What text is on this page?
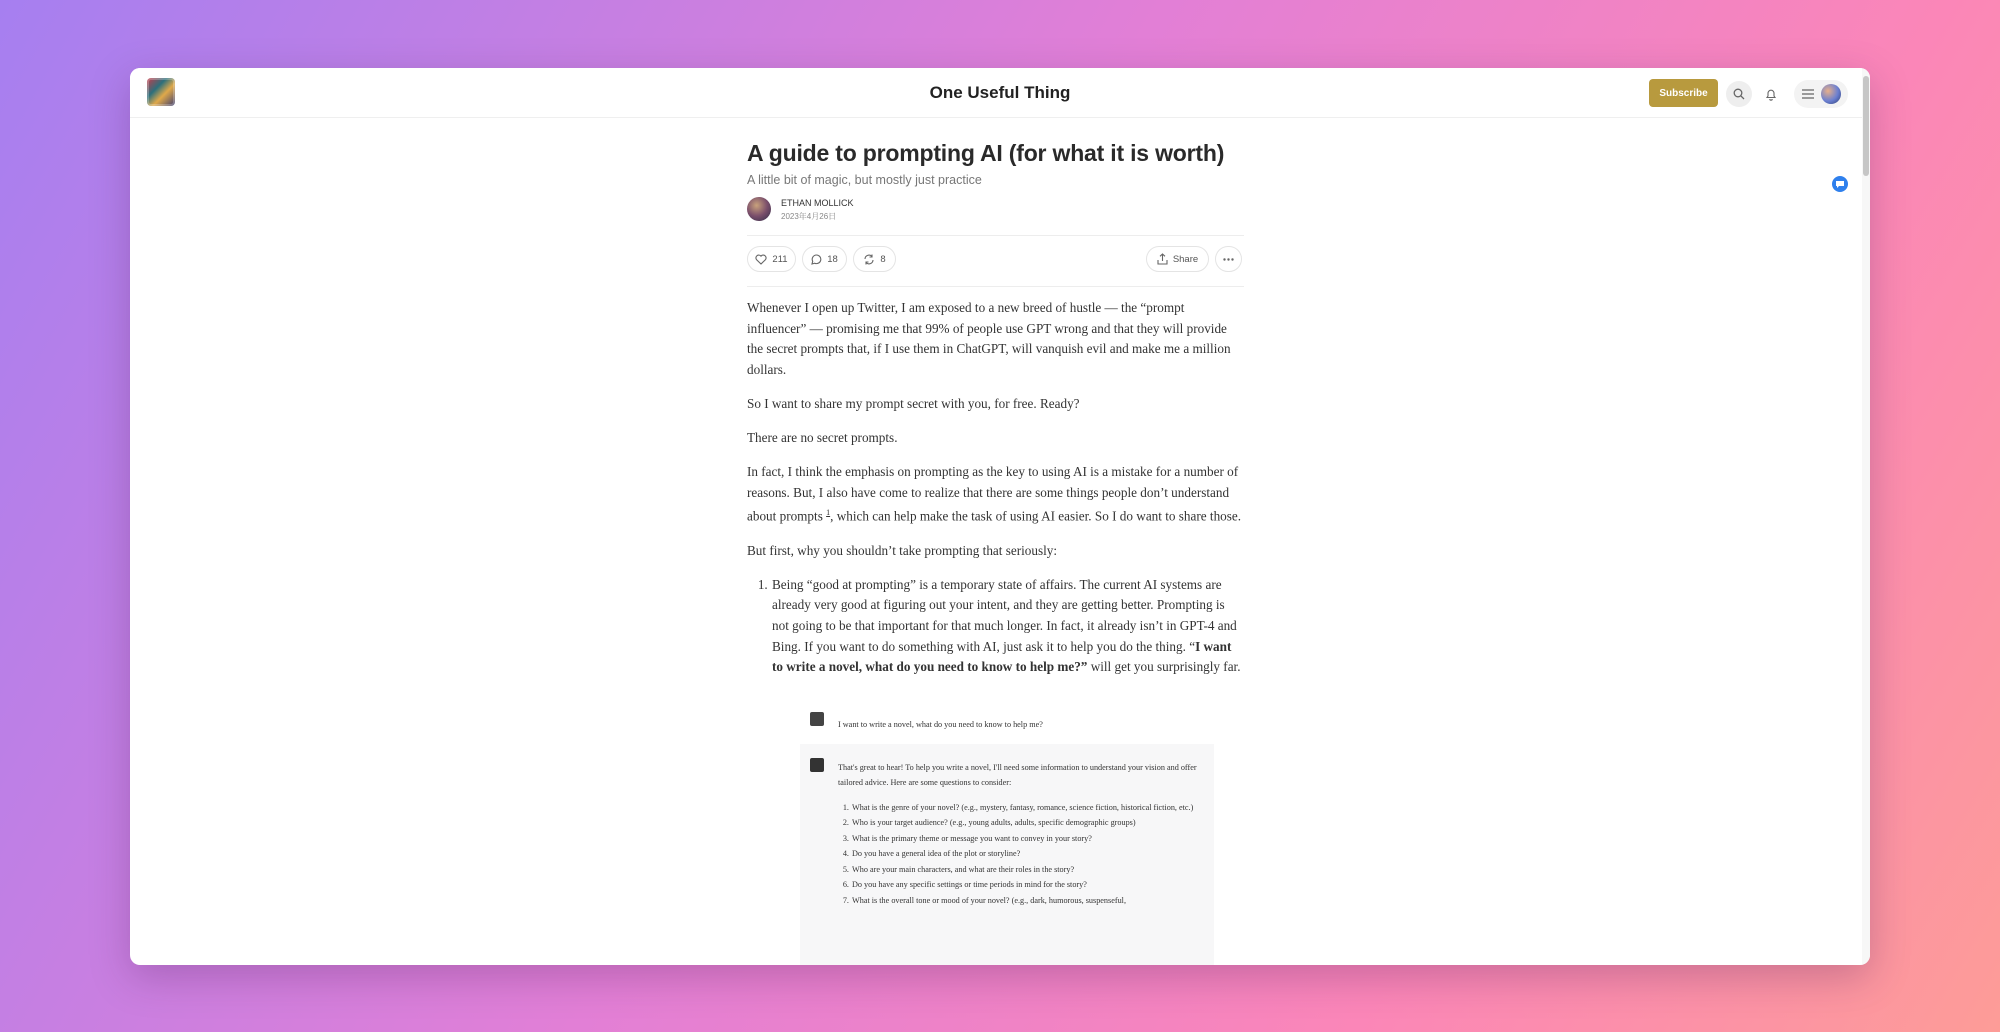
One Useful Thing	Subscribe
A guide to prompting AI (for what it is worth)
A little bit of magic, but mostly just practice
ETHAN MOLLICK
2023年4月26日
211	18	8	Share

Whenever I open up Twitter, I am exposed to a new breed of hustle — the “prompt influencer” — promising me that 99% of people use GPT wrong and that they will provide the secret prompts that, if I use them in ChatGPT, will vanquish evil and make me a million dollars.

So I want to share my prompt secret with you, for free. Ready?

There are no secret prompts.

In fact, I think the emphasis on prompting as the key to using AI is a mistake for a number of reasons. But, I also have come to realize that there are some things people don’t understand about prompts $^1$, which can help make the task of using AI easier. So I do want to share those.

But first, why you shouldn’t take prompting that seriously:

1. Being “good at prompting” is a temporary state of affairs. The current AI systems are already very good at figuring out your intent, and they are getting better. Prompting is not going to be that important for that much longer. In fact, it already isn’t in GPT-4 and Bing. If you want to do something with AI, just ask it to help you do the thing. “I want to write a novel, what do you need to know to help me?” will get you surprisingly far.
I want to write a novel, what do you need to know to help me?
That's great to hear! To help you write a novel, I'll need some information to understand your vision and offer tailored advice. Here are some questions to consider:
1. What is the genre of your novel? (e.g., mystery, fantasy, romance, science fiction, historical fiction, etc.)
2. Who is your target audience? (e.g., young adults, adults, specific demographic groups)
3. What is the primary theme or message you want to convey in your story?
4. Do you have a general idea of the plot or storyline?
5. Who are your main characters, and what are their roles in the story?
6. Do you have any specific settings or time periods in mind for the story?
7. What is the overall tone or mood of your novel? (e.g., dark, humorous, suspenseful,
